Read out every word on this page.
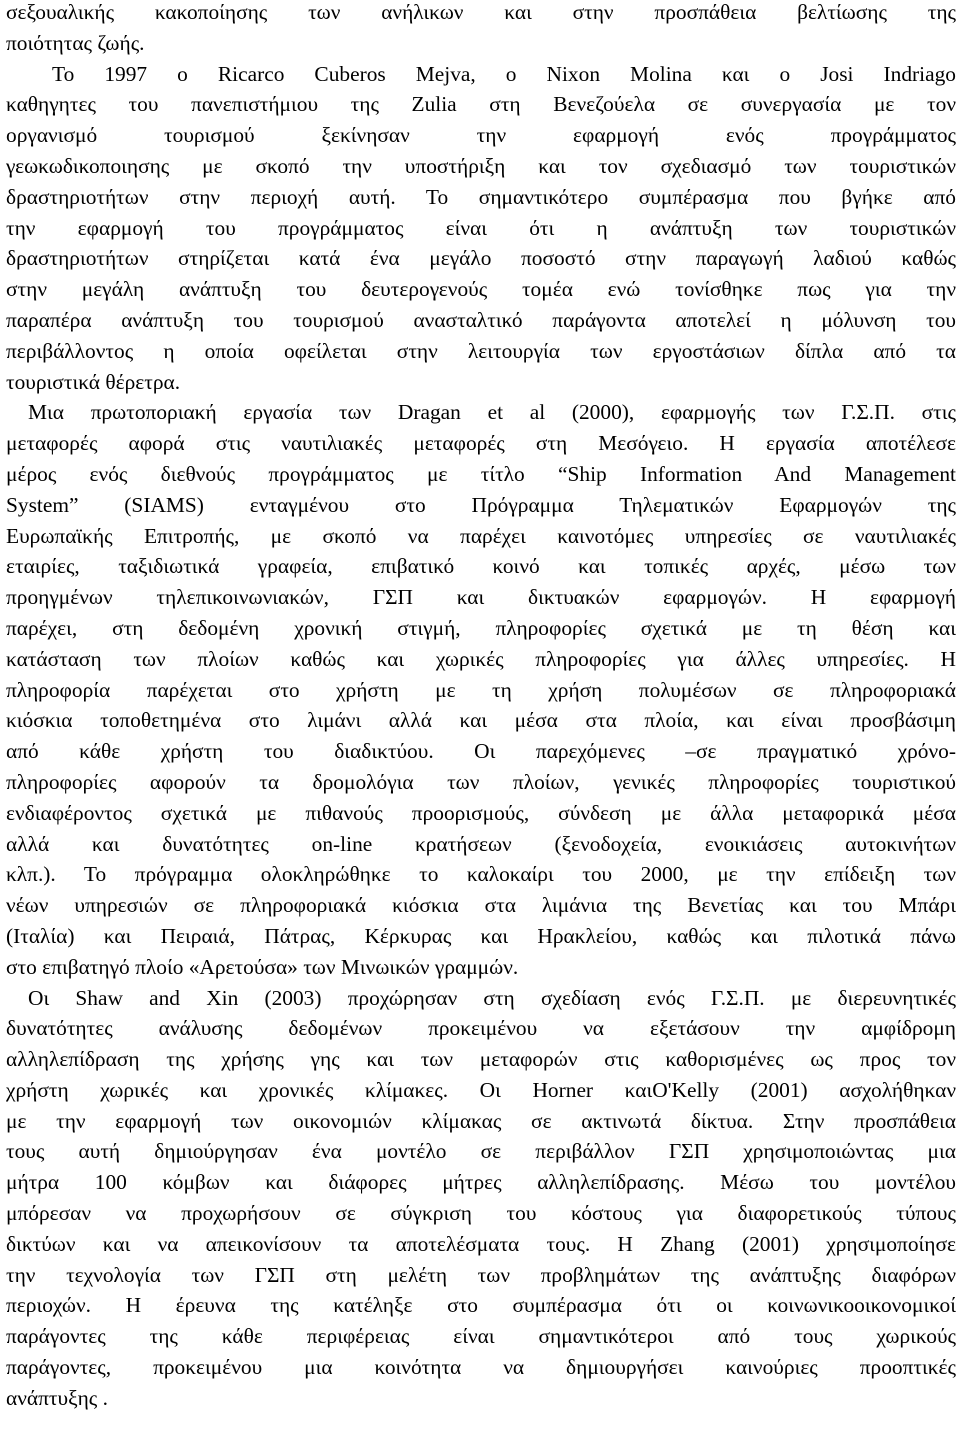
σεξουαλικής κακοποίησης των ανήλικων και στην προσπάθεια βελτίωσης της
ποιότητας ζωής.
Το 1997 ο Ricarco Cuberos Mejva, ο Nixon Molina και ο Josi Indriago
καθηγητες του πανεπιστήμιου της Zulia στη Βενεζούελα σε συνεργασία με τον
οργανισμό τουρισμού ξεκίνησαν την εφαρμογή ενός προγράμματος
γεωκωδικοποιησης με σκοπό την υποστήριξη και τον σχεδιασμό των τουριστικών
δραστηριοτήτων στην περιοχή αυτή. Το σημαντικότερο συμπέρασμα που βγήκε από
την εφαρμογή του προγράμματος είναι ότι η ανάπτυξη των τουριστικών
δραστηριοτήτων στηρίζεται κατά ένα μεγάλο ποσοστό στην παραγωγή λαδιού καθώς
στην μεγάλη ανάπτυξη του δευτερογενούς τομέα ενώ τονίσθηκε πως για την
παραπέρα ανάπτυξη του τουρισμού ανασταλτικό παράγοντα αποτελεί η μόλυνση του
περιβάλλοντος η οποία οφείλεται στην λειτουργία των εργοστάσιων δίπλα από τα
τουριστικά θέρετρα.
Μια πρωτοποριακή εργασία των Dragan et al (2000), εφαρμογής των Γ.Σ.Π. στις
μεταφορές αφορά στις ναυτιλιακές μεταφορές στη Μεσόγειο. Η εργασία αποτέλεσε
μέρος ενός διεθνούς προγράμματος με τίτλο “Ship Information And Management
System” (SIAMS) ενταγμένου στο Πρόγραμμα Τηλεματικών Εφαρμογών της
Ευρωπαϊκής Επιτροπής, με σκοπό να παρέχει καινοτόμες υπηρεσίες σε ναυτιλιακές
εταιρίες, ταξιδιωτικά γραφεία, επιβατικό κοινό και τοπικές αρχές, μέσω των
προηγμένων τηλεπικοινωνιακών, ΓΣΠ και δικτυακών εφαρμογών. Η εφαρμογή
παρέχει, στη δεδομένη χρονική στιγμή, πληροφορίες σχετικά με τη θέση και
κατάσταση των πλοίων καθώς και χωρικές πληροφορίες για άλλες υπηρεσίες. Η
πληροφορία παρέχεται στο χρήστη με τη χρήση πολυμέσων σε πληροφοριακά
κιόσκια τοποθετημένα στο λιμάνι αλλά και μέσα στα πλοία, και είναι προσβάσιμη
από κάθε χρήστη του διαδικτύου. Οι παρεχόμενες –σε πραγματικό χρόνο-
πληροφορίες αφορούν τα δρομολόγια των πλοίων, γενικές πληροφορίες τουριστικού
ενδιαφέροντος σχετικά με πιθανούς προορισμούς, σύνδεση με άλλα μεταφορικά μέσα
αλλά και δυνατότητες on-line κρατήσεων (ξενοδοχεία, ενοικιάσεις αυτοκινήτων
κλπ.). Το πρόγραμμα ολοκληρώθηκε το καλοκαίρι του 2000, με την επίδειξη των
νέων υπηρεσιών σε πληροφοριακά κιόσκια στα λιμάνια της Βενετίας και του Μπάρι
(Ιταλία) και Πειραιά, Πάτρας, Κέρκυρας και Ηρακλείου, καθώς και πιλοτικά πάνω
στο επιβατηγό πλοίο «Αρετούσα» των Μινωικών γραμμών.
Οι Shaw and Xin (2003) προχώρησαν στη σχεδίαση ενός Γ.Σ.Π. με διερευνητικές
δυνατότητες ανάλυσης δεδομένων προκειμένου να εξετάσουν την αμφίδρομη
αλληλεπίδραση της χρήσης γης και των μεταφορών στις καθορισμένες ως προς τον
χρήστη χωρικές και χρονικές κλίμακες. Οι Horner καιO'Kelly (2001) ασχολήθηκαν
με την εφαρμογή των οικονομιών κλίμακας σε ακτινωτά δίκτυα. Στην προσπάθεια
τους αυτή δημιούργησαν ένα μοντέλο σε περιβάλλον ΓΣΠ χρησιμοποιώντας μια
μήτρα 100 κόμβων και διάφορες μήτρες αλληλεπίδρασης. Μέσω του μοντέλου
μπόρεσαν να προχωρήσουν σε σύγκριση του κόστους για διαφορετικούς τύπους
δικτύων και να απεικονίσουν τα αποτελέσματα τους. Η Zhang (2001) χρησιμοποίησε
την τεχνολογία των ΓΣΠ στη μελέτη των προβλημάτων της ανάπτυξης διαφόρων
περιοχών. Η έρευνα της κατέληξε στο συμπέρασμα ότι οι κοινωνικοοικονομικοί
παράγοντες της κάθε περιφέρειας είναι σημαντικότεροι από τους χωρικούς
παράγοντες, προκειμένου μια κοινότητα να δημιουργήσει καινούριες προοπτικές
ανάπτυξης .
